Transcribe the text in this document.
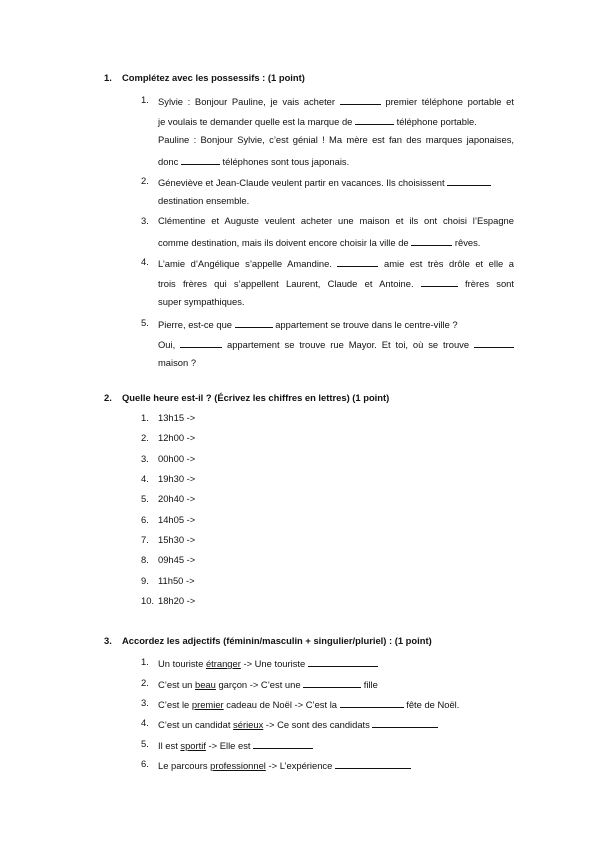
1.	Complétez avec les possessifs : (1 point)
1. Sylvie : Bonjour Pauline, je vais acheter	premier téléphone portable et
je voulais te demander quelle est la marque de	téléphone portable.
Pauline : Bonjour Sylvie, c’est génial ! Ma mère est fan des marques japonaises,
donc	téléphones sont tous japonais.
2. Géneviève et Jean-Claude veulent partir en vacances. Ils choisissent
destination ensemble.
3. Clémentine et Auguste veulent acheter une maison et ils ont choisi l’Espagne
comme destination, mais ils doivent encore choisir la ville de	rêves.
4. L’amie d’Angélique s’appelle Amandine.	amie est très drôle et elle a
trois frères qui s’appellent Laurent, Claude et Antoine.	frères sont
super sympathiques.
5. Pierre, est-ce que	appartement se trouve dans le centre-ville ?
Oui,	appartement se trouve rue Mayor. Et toi, où se trouve
maison ?
2.	Quelle heure est-il ? (Écrivez les chiffres en lettres) (1 point)
1. 13h15 ->
2. 12h00 ->
3. 00h00 ->
4. 19h30 ->
5. 20h40 ->
6. 14h05 ->
7. 15h30 ->
8. 09h45 ->
9. 11h50 ->
10. 18h20 ->
3.	Accordez les adjectifs (féminin/masculin + singulier/pluriel) : (1 point)
1. Un touriste étranger -> Une touriste
2. C’est un beau garçon -> C’est une	fille
3. C’est le premier cadeau de Noël -> C’est la	fête de Noël.
4. C’est un candidat sérieux -> Ce sont des candidats
5. Il est sportif -> Elle est
6. Le parcours professionnel -> L’expérience
